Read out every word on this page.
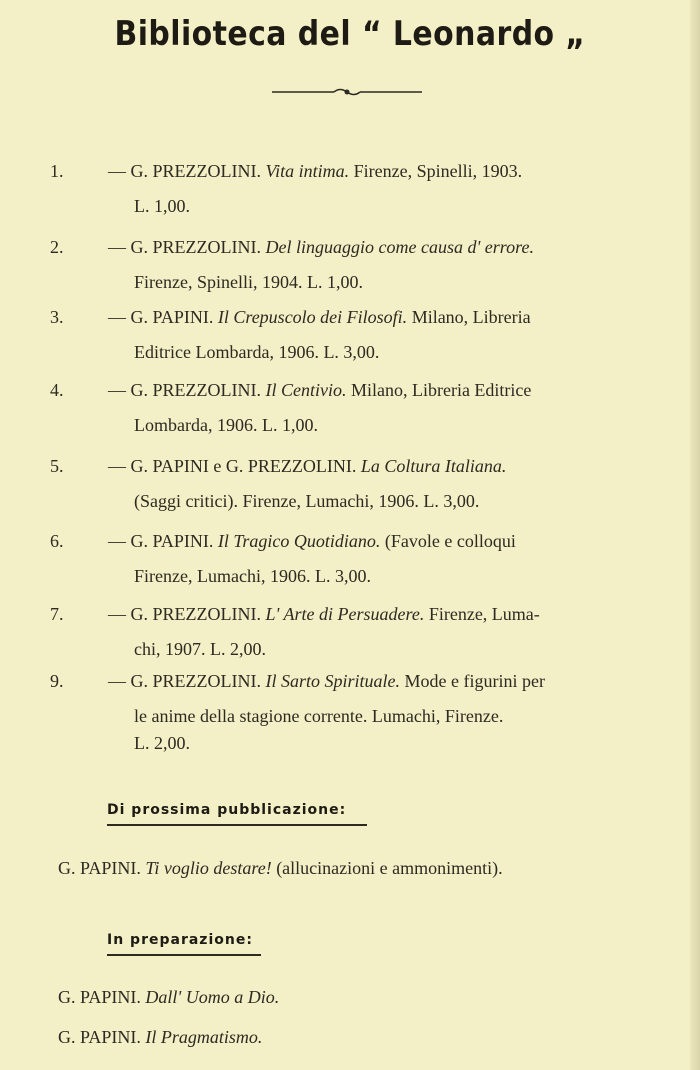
Biblioteca del “ Leonardo „
1. — G. PREZZOLINI. Vita intima. Firenze, Spinelli, 1903.
L. 1,00.
2. — G. PREZZOLINI. Del linguaggio come causa d' errore.
Firenze, Spinelli, 1904. L. 1,00.
3. — G. PAPINI. Il Crepuscolo dei Filosofi. Milano, Libreria
Editrice Lombarda, 1906. L. 3,00.
4. — G. PREZZOLINI. Il Centivio. Milano, Libreria Editrice
Lombarda, 1906. L. 1,00.
5. — G. PAPINI e G. PREZZOLINI. La Coltura Italiana.
(Saggi critici). Firenze, Lumachi, 1906. L. 3,00.
6. — G. PAPINI. Il Tragico Quotidiano. (Favole e colloqui
Firenze, Lumachi, 1906. L. 3,00.
7. — G. PREZZOLINI. L' Arte di Persuadere. Firenze, Luma-
chi, 1907. L. 2,00.
9. — G. PREZZOLINI. Il Sarto Spirituale. Mode e figurini per
le anime della stagione corrente. Lumachi, Firenze.
L. 2,00.
Di prossima pubblicazione:
G. PAPINI. Ti voglio destare! (allucinazioni e ammonimenti).
In preparazione:
G. PAPINI. Dall' Uomo a Dio.
G. PAPINI. Il Pragmatismo.
